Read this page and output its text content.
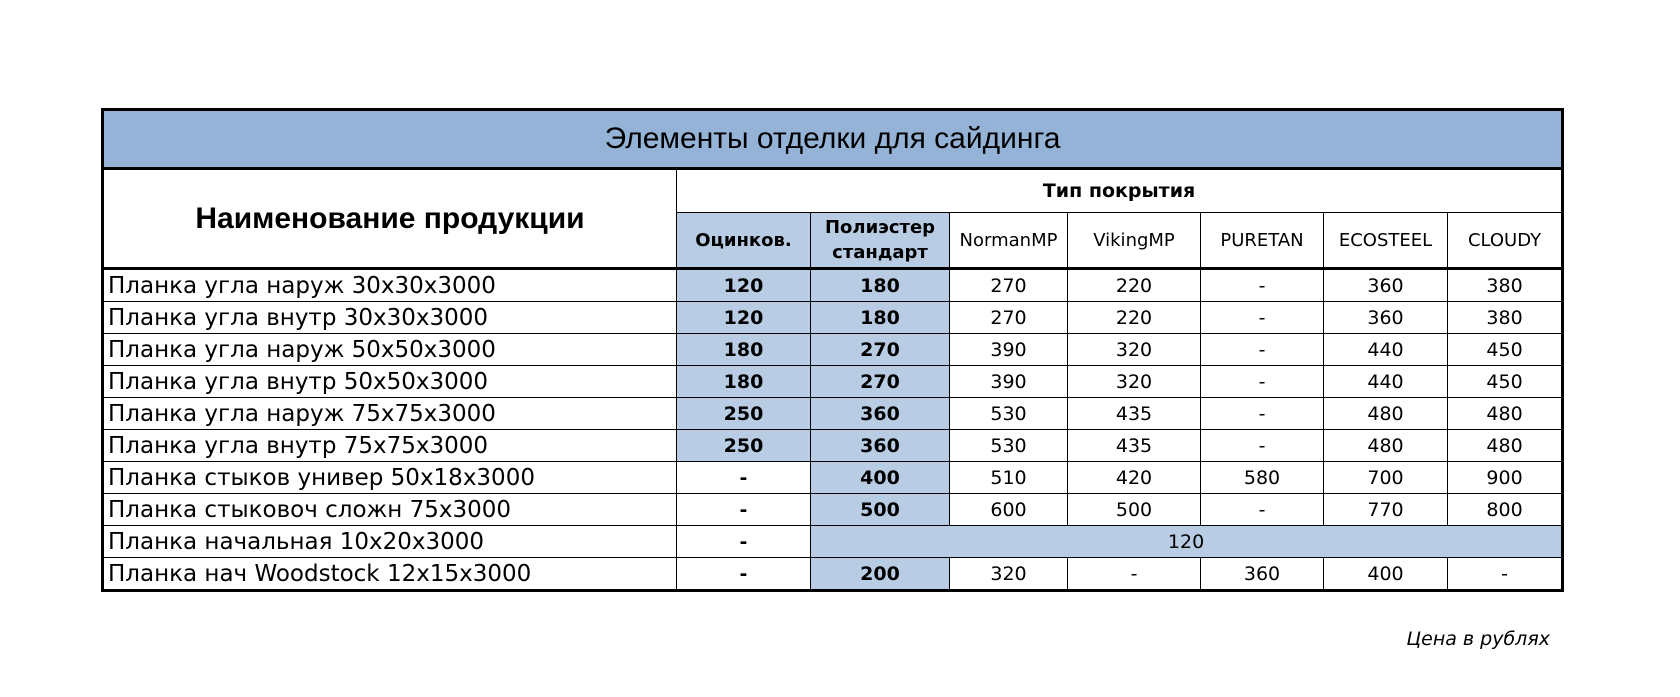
Элементы отделки для сайдинга							
Наименование продукции	Тип покрытия						
	Оцинков.	Полиэстер стандарт	NormanMP	VikingMP	PURETAN	ECOSTEEL	CLOUDY
Планка угла наруж 30х30х3000	120	180	270	220	-	360	380
Планка угла внутр 30х30х3000	120	180	270	220	-	360	380
Планка угла наруж 50х50х3000	180	270	390	320	-	440	450
Планка угла внутр 50х50х3000	180	270	390	320	-	440	450
Планка угла наруж 75х75х3000	250	360	530	435	-	480	480
Планка угла внутр 75х75х3000	250	360	530	435	-	480	480
Планка стыков универ 50х18х3000	-	400	510	420	580	700	900
Планка стыковоч сложн 75х3000	-	500	600	500	-	770	800
Планка начальная 10х20х3000	-	120					
Планка нач Woodstock 12х15х3000	-	200	320	-	360	400	-
Цена в рублях
